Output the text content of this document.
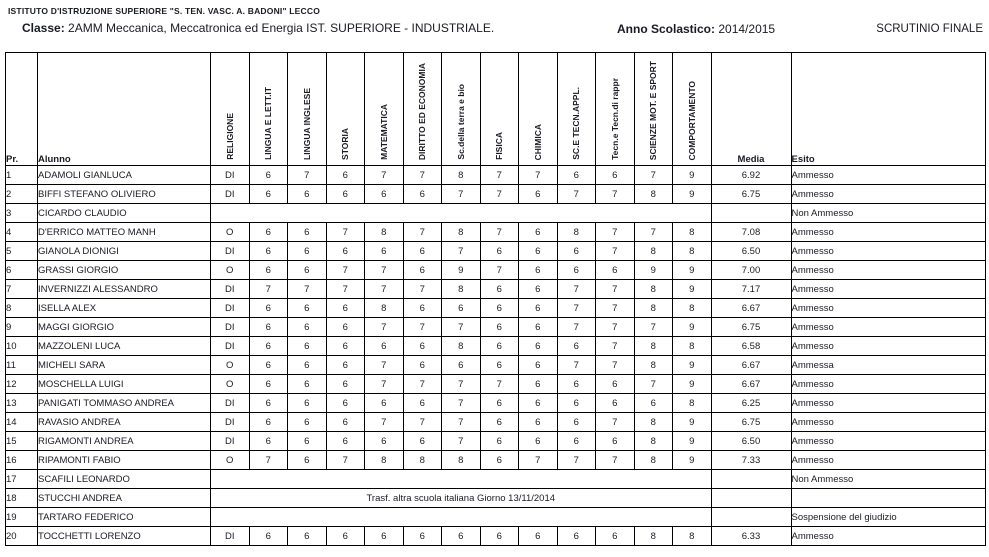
ISTITUTO D'ISTRUZIONE SUPERIORE "S. TEN. VASC. A. BADONI" LECCO
Classe: 2AMM Meccanica, Meccatronica ed Energia IST. SUPERIORE - INDUSTRIALE.	Anno Scolastico: 2014/2015	SCRUTINIO FINALE
Pr.	Alunno	RELIGIONE	LINGUA E LETT.IT	LINGUA INGLESE	STORIA	MATEMATICA	DIRITTO ED ECONOMIA	Sc.della terra e bio	FISICA	CHIMICA	SC.E TECN.APPL.	Tecn.e Tecn.di rappr	SCIENZE MOT. E SPORT	COMPORTAMENTO	Media	Esito
1	ADAMOLI GIANLUCA	DI	6	7	6	7	7	8	7	7	6	6	7	9	6.92	Ammesso
2	BIFFI STEFANO OLIVIERO	DI	6	6	6	6	6	7	7	6	7	7	8	9	6.75	Ammesso
3	CICARDO CLAUDIO															Non Ammesso
4	D'ERRICO MATTEO MANH	O	6	6	7	8	7	8	7	6	8	7	7	8	7.08	Ammesso
5	GIANOLA DIONIGI	DI	6	6	6	6	6	7	6	6	6	7	8	8	6.50	Ammesso
6	GRASSI GIORGIO	O	6	6	7	7	6	9	7	6	6	6	9	9	7.00	Ammesso
7	INVERNIZZI ALESSANDRO	DI	7	7	7	7	7	8	6	6	7	7	8	9	7.17	Ammesso
8	ISELLA ALEX	DI	6	6	6	8	6	6	6	6	7	7	8	8	6.67	Ammesso
9	MAGGI GIORGIO	DI	6	6	6	7	7	7	6	6	7	7	7	9	6.75	Ammesso
10	MAZZOLENI LUCA	DI	6	6	6	6	6	8	6	6	6	7	8	8	6.58	Ammesso
11	MICHELI SARA	O	6	6	6	7	6	6	6	6	7	7	8	9	6.67	Ammessa
12	MOSCHELLA LUIGI	O	6	6	6	7	7	7	7	6	6	6	7	9	6.67	Ammesso
13	PANIGATI TOMMASO ANDREA	DI	6	6	6	6	6	7	6	6	6	6	6	8	6.25	Ammesso
14	RAVASIO ANDREA	DI	6	6	6	7	7	7	6	6	6	7	8	9	6.75	Ammesso
15	RIGAMONTI ANDREA	DI	6	6	6	6	6	7	6	6	6	6	8	9	6.50	Ammesso
16	RIPAMONTI FABIO	O	7	6	7	8	8	8	6	7	7	7	8	9	7.33	Ammesso
17	SCAFILI LEONARDO															Non Ammesso
18	STUCCHI ANDREA	Trasf. altra scuola italiana Giorno 13/11/2014														
19	TARTARO FEDERICO															Sospensione del giudizio
20	TOCCHETTI LORENZO	DI	6	6	6	6	6	6	6	6	6	6	8	8	6.33	Ammesso
